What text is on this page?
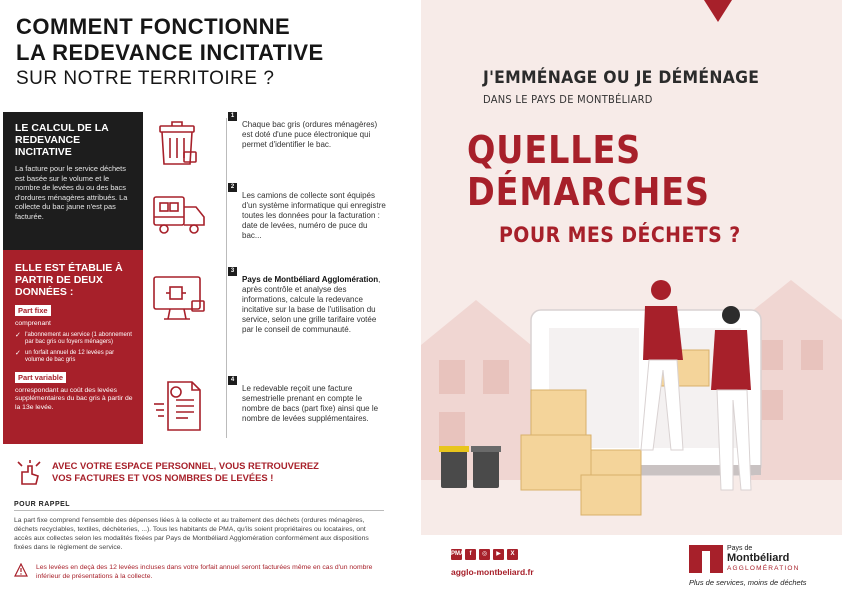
COMMENT FONCTIONNE
LA REDEVANCE INCITATIVE
SUR NOTRE TERRITOIRE ?
LE CALCUL DE LA REDEVANCE INCITATIVE
La facture pour le service déchets est basée sur le volume et le nombre de levées du ou des bacs d'ordures ménagères attribués. La collecte du bac jaune n'est pas facturée.
ELLE EST ÉTABLIE À PARTIR DE DEUX DONNÉES :
Part fixe
comprenant
✓ l'abonnement au service (1 abonnement par bac gris ou foyers ménagers)
✓ un forfait annuel de 12 levées par volume de bac gris
Part variable
correspondant au coût des levées supplémentaires du bac gris à partir de la 13e levée.
1
Chaque bac gris (ordures ménagères) est doté d'une puce électronique qui permet d'identifier le bac.
2
Les camions de collecte sont équipés d'un système informatique qui enregistre toutes les données pour la facturation : date de levées, numéro de puce du bac...
3
Pays de Montbéliard Agglomération, après contrôle et analyse des informations, calcule la redevance incitative sur la base de l'utilisation du service, selon une grille tarifaire votée par le conseil de communauté.
4
Le redevable reçoit une facture semestrielle prenant en compte le nombre de bacs (part fixe) ainsi que le nombre de levées supplémentaires.
AVEC VOTRE ESPACE PERSONNEL, VOUS RETROUVEREZ
VOS FACTURES ET VOS NOMBRES DE LEVÉES !
POUR RAPPEL
La part fixe comprend l'ensemble des dépenses liées à la collecte et au traitement des déchets (ordures ménagères, déchets recyclables, textiles, déchèteries, ...). Tous les habitants de PMA, qu'ils soient propriétaires ou locataires, ont accès aux collectes selon les modalités fixées par Pays de Montbéliard Agglomération conformément aux dispositions fixées dans le règlement de service.
Les levées en deçà des 12 levées incluses dans votre forfait annuel seront facturées même en cas d'un nombre inférieur de présentations à la collecte.
J'EMMÉNAGE OU JE DÉMÉNAGE
DANS LE PAYS DE MONTBÉLIARD
QUELLES
DÉMARCHES
POUR MES DÉCHETS ?
PMA f	◎	▶	X
agglo-montbeliard.fr
Pays de
Montbéliard
AGGLOMÉRATION
Plus de services, moins de déchets
